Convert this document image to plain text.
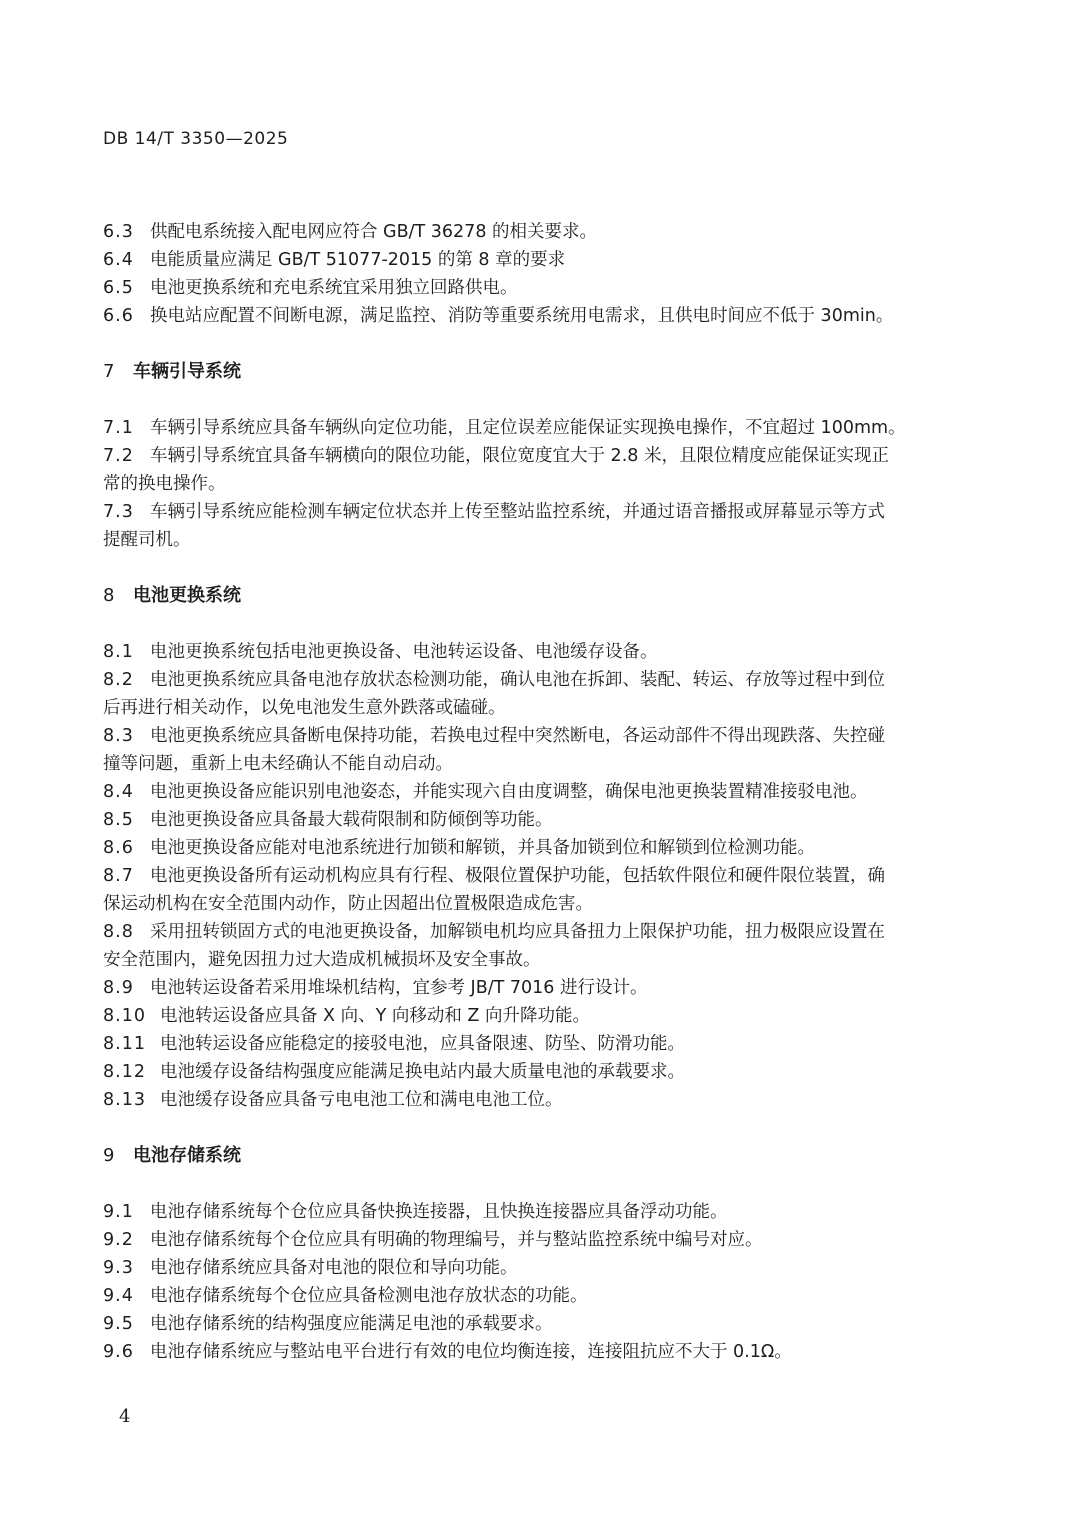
DB 14/T 3350—2025
6.3 供配电系统接入配电网应符合 GB/T 36278 的相关要求。
6.4 电能质量应满足 GB/T 51077-2015 的第 8 章的要求
6.5 电池更换系统和充电系统宜采用独立回路供电。
6.6 换电站应配置不间断电源，满足监控、消防等重要系统用电需求，且供电时间应不低于 30min。
7 车辆引导系统
7.1 车辆引导系统应具备车辆纵向定位功能，且定位误差应能保证实现换电操作，不宜超过 100mm。
7.2 车辆引导系统宜具备车辆横向的限位功能，限位宽度宜大于 2.8 米，且限位精度应能保证实现正
常的换电操作。
7.3 车辆引导系统应能检测车辆定位状态并上传至整站监控系统，并通过语音播报或屏幕显示等方式
提醒司机。
8 电池更换系统
8.1 电池更换系统包括电池更换设备、电池转运设备、电池缓存设备。
8.2 电池更换系统应具备电池存放状态检测功能，确认电池在拆卸、装配、转运、存放等过程中到位
后再进行相关动作，以免电池发生意外跌落或磕碰。
8.3 电池更换系统应具备断电保持功能，若换电过程中突然断电，各运动部件不得出现跌落、失控碰
撞等问题，重新上电未经确认不能自动启动。
8.4 电池更换设备应能识别电池姿态，并能实现六自由度调整，确保电池更换装置精准接驳电池。
8.5 电池更换设备应具备最大载荷限制和防倾倒等功能。
8.6 电池更换设备应能对电池系统进行加锁和解锁，并具备加锁到位和解锁到位检测功能。
8.7 电池更换设备所有运动机构应具有行程、极限位置保护功能，包括软件限位和硬件限位装置，确
保运动机构在安全范围内动作，防止因超出位置极限造成危害。
8.8 采用扭转锁固方式的电池更换设备，加解锁电机均应具备扭力上限保护功能，扭力极限应设置在
安全范围内，避免因扭力过大造成机械损坏及安全事故。
8.9 电池转运设备若采用堆垛机结构，宜参考 JB/T 7016 进行设计。
8.10 电池转运设备应具备 X 向、Y 向移动和 Z 向升降功能。
8.11 电池转运设备应能稳定的接驳电池，应具备限速、防坠、防滑功能。
8.12 电池缓存设备结构强度应能满足换电站内最大质量电池的承载要求。
8.13 电池缓存设备应具备亏电电池工位和满电电池工位。
9 电池存储系统
9.1 电池存储系统每个仓位应具备快换连接器，且快换连接器应具备浮动功能。
9.2 电池存储系统每个仓位应具有明确的物理编号，并与整站监控系统中编号对应。
9.3 电池存储系统应具备对电池的限位和导向功能。
9.4 电池存储系统每个仓位应具备检测电池存放状态的功能。
9.5 电池存储系统的结构强度应能满足电池的承载要求。
9.6 电池存储系统应与整站电平台进行有效的电位均衡连接，连接阻抗应不大于 0.1Ω。
4
